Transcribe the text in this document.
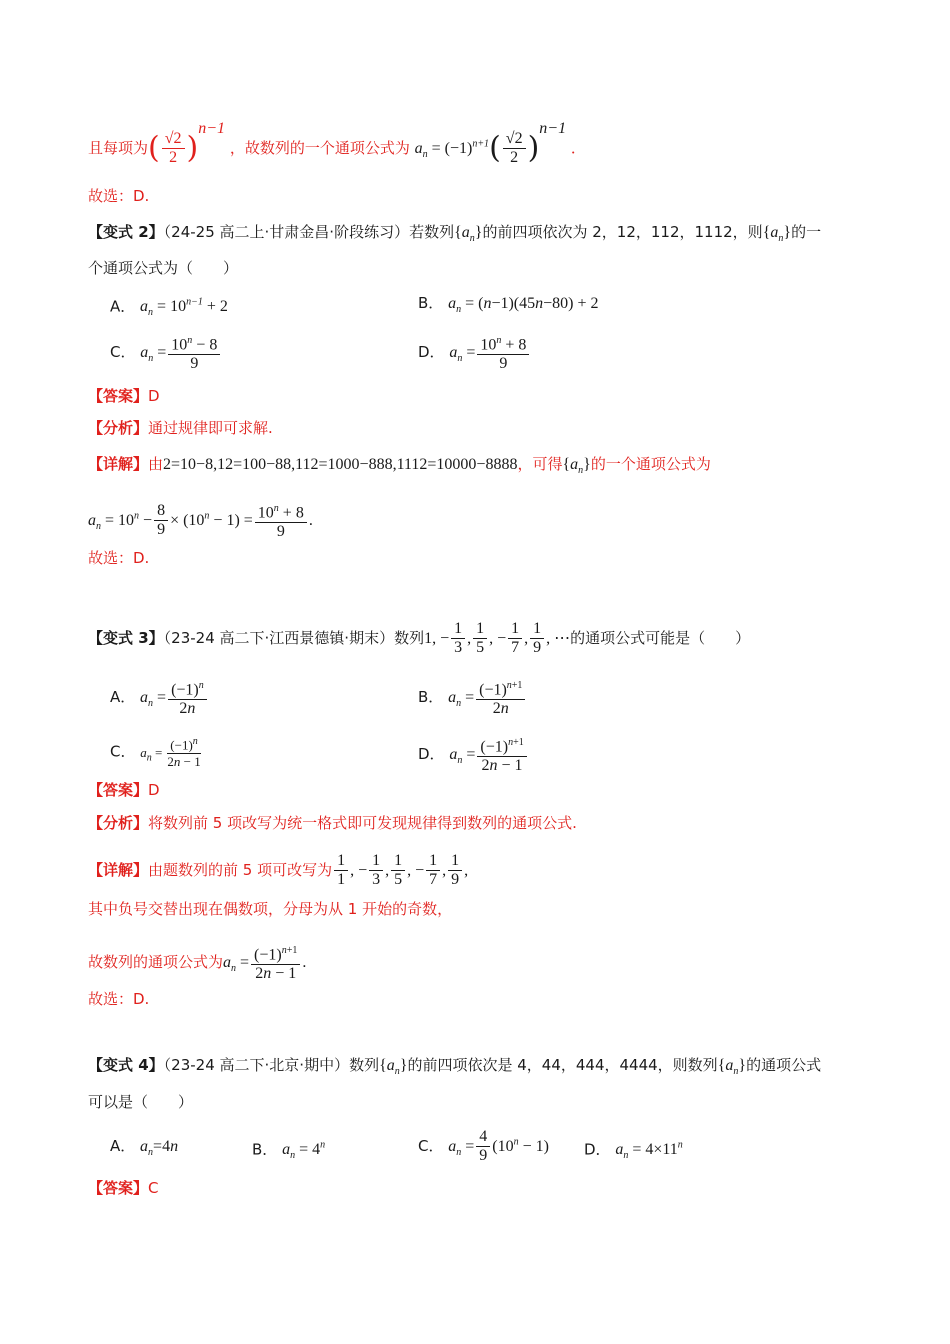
且每项为( $\frac{√2}{2} )^{n-1}$ ，故数列的一个通项公式为 $a_n = (-1)^{n+1}( \frac{√2}{2} )^{n-1}$ ．
故选：D.
【变式 2】（24-25 高二上·甘肃金昌·阶段练习）若数列$\{a_n\}$的前四项依次为 2，12，112，1112，则$\{a_n\}$的一
个通项公式为（　　）
A． $a_n = 10^{n-1} + 2$	B． $a_n = (n-1)(45n-80) + 2$
C． $a_n = \frac{10^n - 8}{9}$	D． $a_n = \frac{10^n + 8}{9}$
【答案】D
【分析】通过规律即可求解.
【详解】由2=10−8,12=100−88,112=1000−888,1112=10000−8888，可得$\{a_n\}$的一个通项公式为
$a_n = 10^n - \frac{8}{9} \times (10^n - 1) = \frac{10^n + 8}{9}$ .
故选：D.
【变式 3】（23-24 高二下·江西景德镇·期末）数列1, − $\frac{1}{3}$ , $\frac{1}{5}$ , − $\frac{1}{7}$ , $\frac{1}{9}$ , ⋯的通项公式可能是（　　）
A． $a_n = \frac{(-1)^n}{2n}$	B． $a_n = \frac{(-1)^{n+1}}{2n}$
C． $a_n = \frac{(-1)^n}{2n - 1}$	D． $a_n = \frac{(-1)^{n+1}}{2n - 1}$
【答案】D
【分析】将数列前 5 项改写为统一格式即可发现规律得到数列的通项公式.
【详解】由题数列的前 5 项可改写为 $\frac{1}{1}$ , − $\frac{1}{3}$ , $\frac{1}{5}$ , − $\frac{1}{7}$ , $\frac{1}{9}$ ,
其中负号交替出现在偶数项，分母为从 1 开始的奇数，
故数列的通项公式为$a_n = \frac{(-1)^{n+1}}{2n - 1}$ .
故选：D.
【变式 4】（23-24 高二下·北京·期中）数列$\{a_n\}$的前四项依次是 4，44，444，4444，则数列$\{a_n\}$的通项公式
可以是（　　）
A． $a_n=4n$	B． $a_n = 4^n$	C． $a_n = \frac{4}{9} (10^n - 1)$ D． $a_n = 4\times 11^n$
【答案】C
